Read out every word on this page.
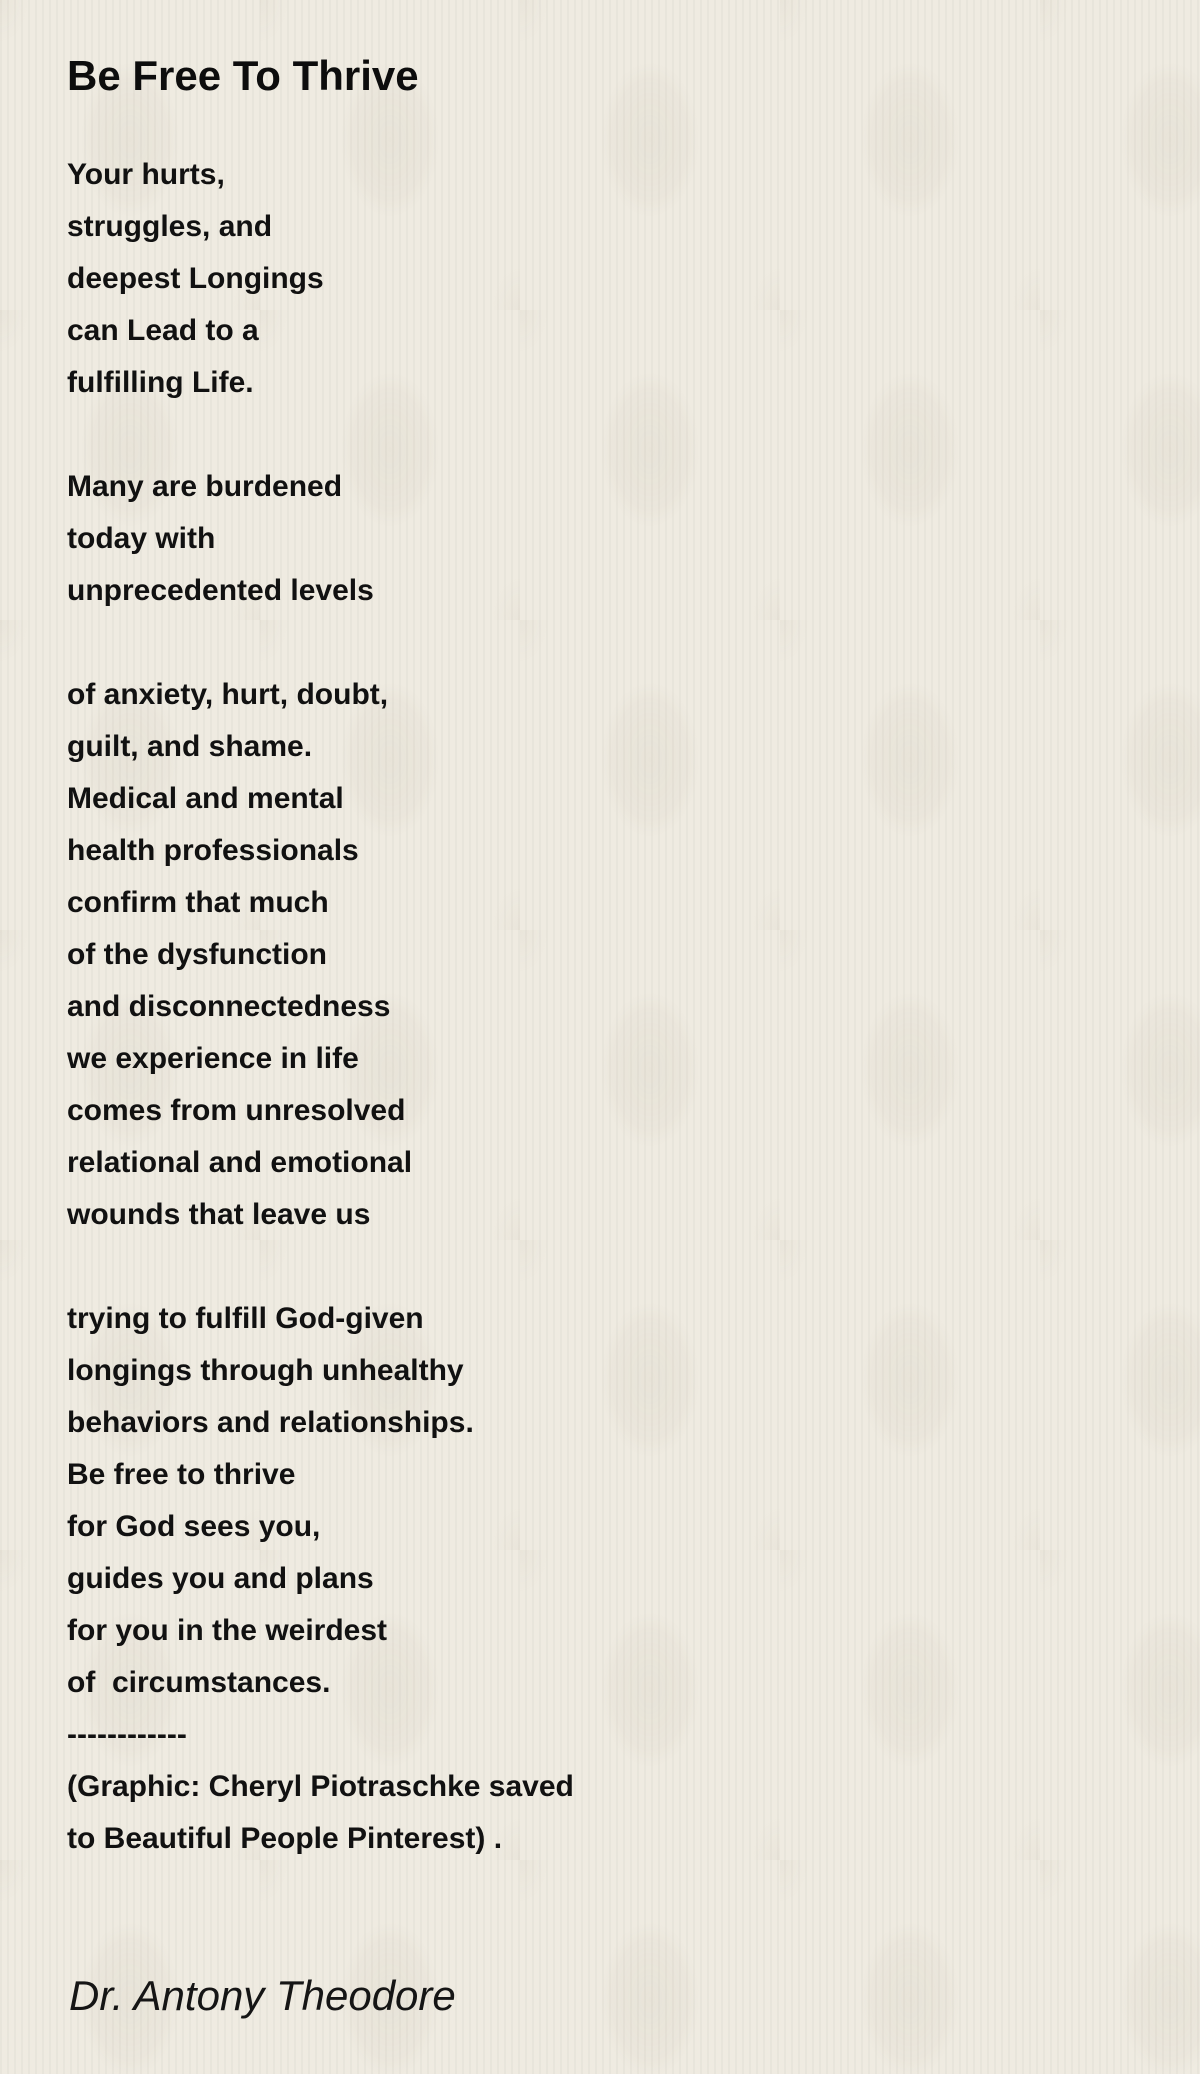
Be Free To Thrive
Your hurts,
struggles, and
deepest Longings
can Lead to a
fulfilling Life.
Many are burdened
today with
unprecedented levels
of anxiety, hurt, doubt,
guilt, and shame.
Medical and mental
health professionals
confirm that much
of the dysfunction
and disconnectedness
we experience in life
comes from unresolved
relational and emotional
wounds that leave us
trying to fulfill God-given
longings through unhealthy
behaviors and relationships.
Be free to thrive
for God sees you,
guides you and plans
for you in the weirdest
of  circumstances.
------------
(Graphic: Cheryl Piotraschke saved
to Beautiful People Pinterest) .
Dr. Antony Theodore
